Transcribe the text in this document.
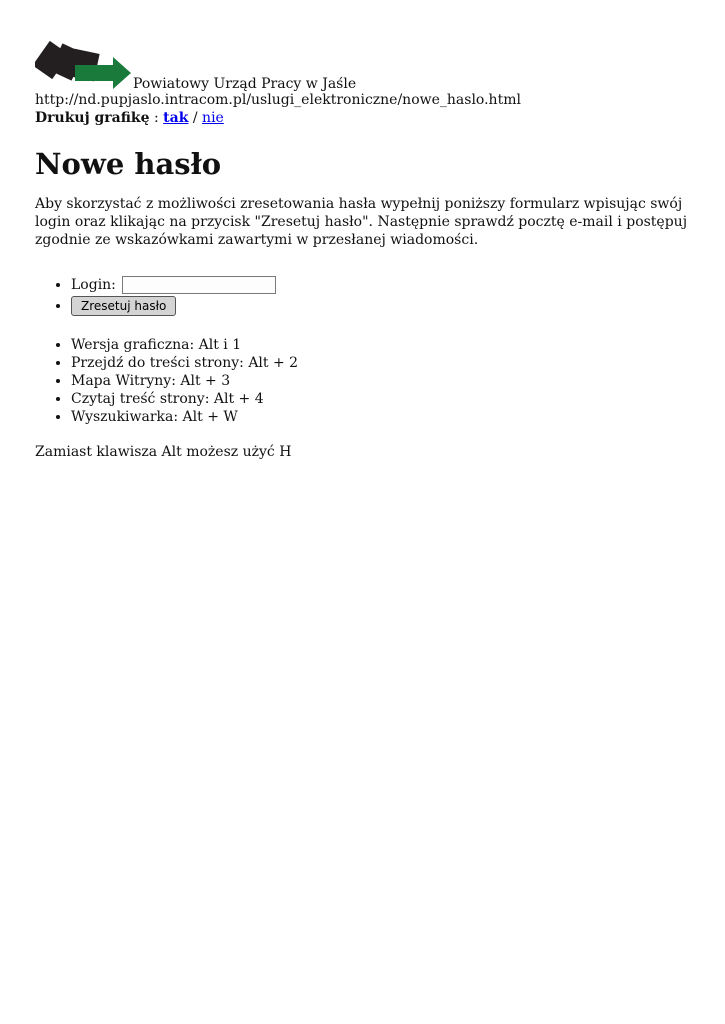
Powiatowy Urząd Pracy w Jaśle
http://nd.pupjaslo.intracom.pl/uslugi_elektroniczne/nowe_haslo.html
Drukuj grafikę : tak / nie
Nowe hasło

Aby skorzystać z możliwości zresetowania hasła wypełnij poniższy formularz wpisując swój login oraz klikając na przycisk "Zresetuj hasło". Następnie sprawdź pocztę e-mail i postępuj zgodnie ze wskazówkami zawartymi w przesłanej wiadomości.

• Login:
• Zresetuj hasło
• Wersja graficzna: Alt i 1
• Przejdź do treści strony: Alt + 2
• Mapa Witryny: Alt + 3
• Czytaj treść strony: Alt + 4
• Wyszukiwarka: Alt + W

Zamiast klawisza Alt możesz użyć H
